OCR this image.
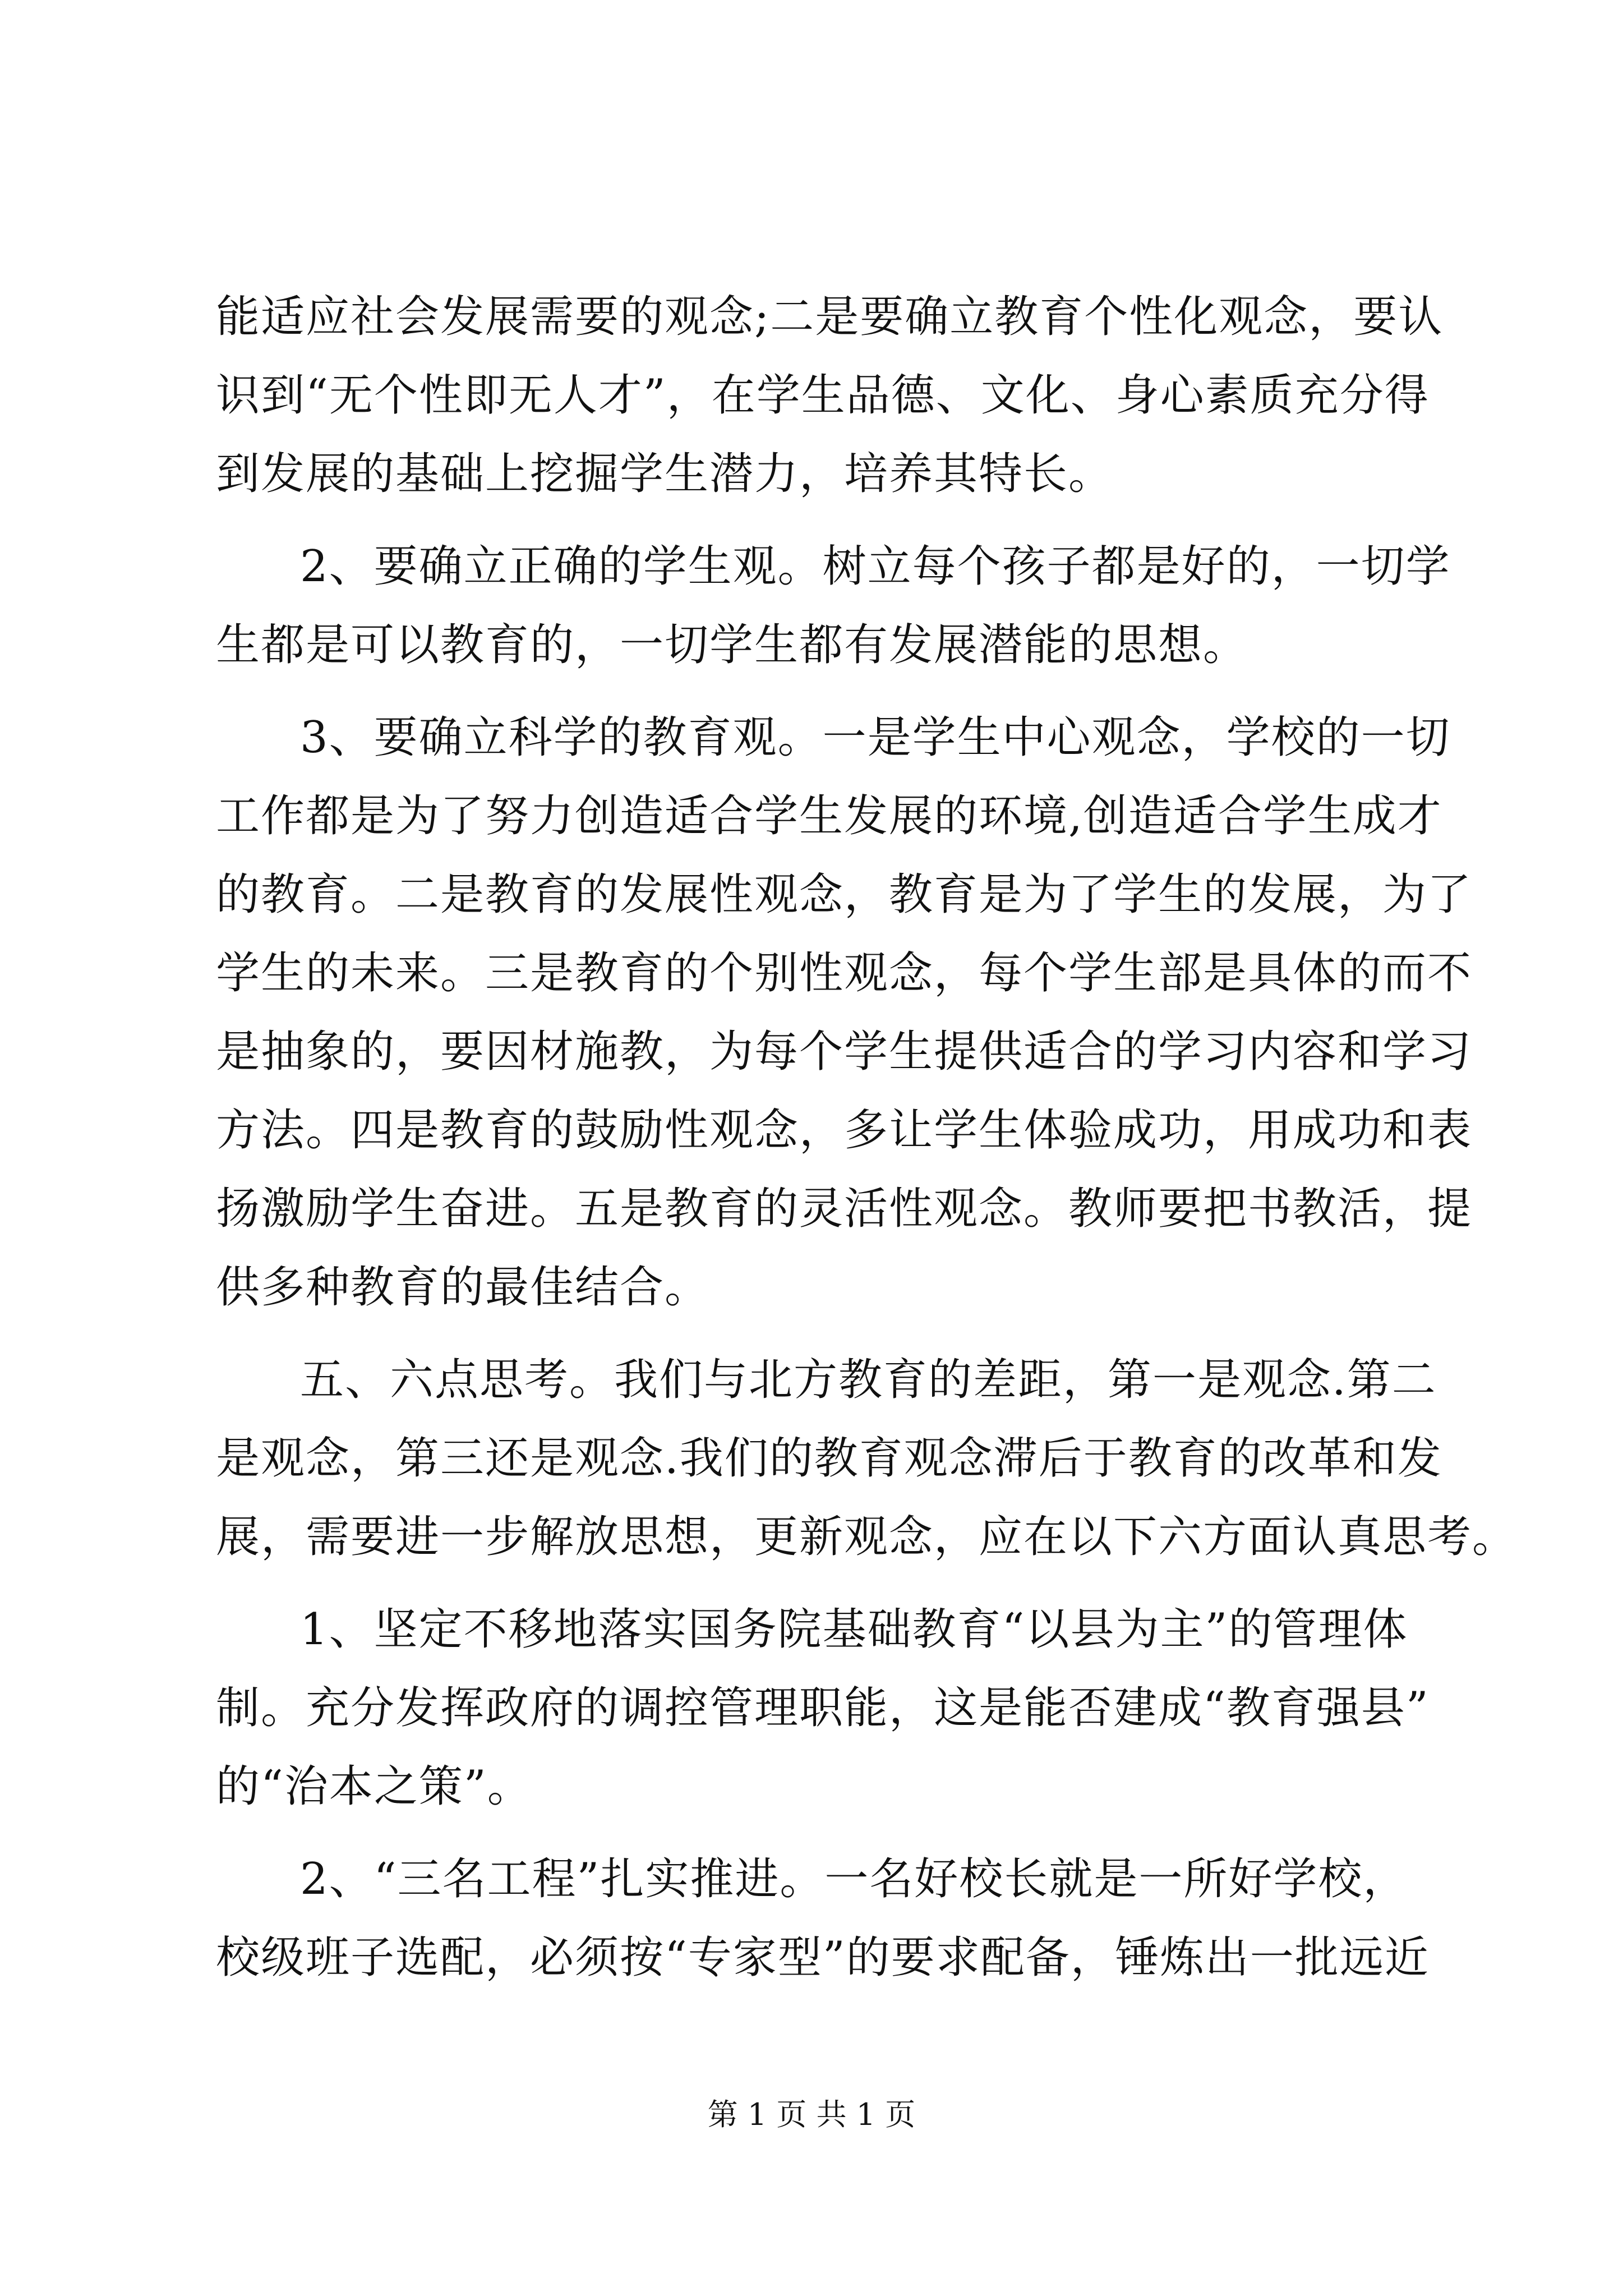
能适应社会发展需要的观念;二是要确立教育个性化观念，要认
识到“无个性即无人才”，在学生品德、文化、身心素质充分得
到发展的基础上挖掘学生潜力，培养其特长。
2、要确立正确的学生观。树立每个孩子都是好的，一切学
生都是可以教育的，一切学生都有发展潜能的思想。
3、要确立科学的教育观。一是学生中心观念，学校的一切
工作都是为了努力创造适合学生发展的环境,创造适合学生成才
的教育。二是教育的发展性观念，教育是为了学生的发展，为了
学生的未来。三是教育的个别性观念，每个学生部是具体的而不
是抽象的，要因材施教，为每个学生提供适合的学习内容和学习
方法。四是教育的鼓励性观念，多让学生体验成功，用成功和表
扬激励学生奋进。五是教育的灵活性观念。教师要把书教活，提
供多种教育的最佳结合。
五、六点思考。我们与北方教育的差距，第一是观念.第二
是观念，第三还是观念.我们的教育观念滞后于教育的改革和发
展，需要进一步解放思想，更新观念，应在以下六方面认真思考。
1、坚定不移地落实国务院基础教育“以县为主”的管理体
制。充分发挥政府的调控管理职能，这是能否建成“教育强县”
的“治本之策”。
2、“三名工程”扎实推进。一名好校长就是一所好学校，
校级班子选配，必须按“专家型”的要求配备，锤炼出一批远近
第 1 页 共 1 页
